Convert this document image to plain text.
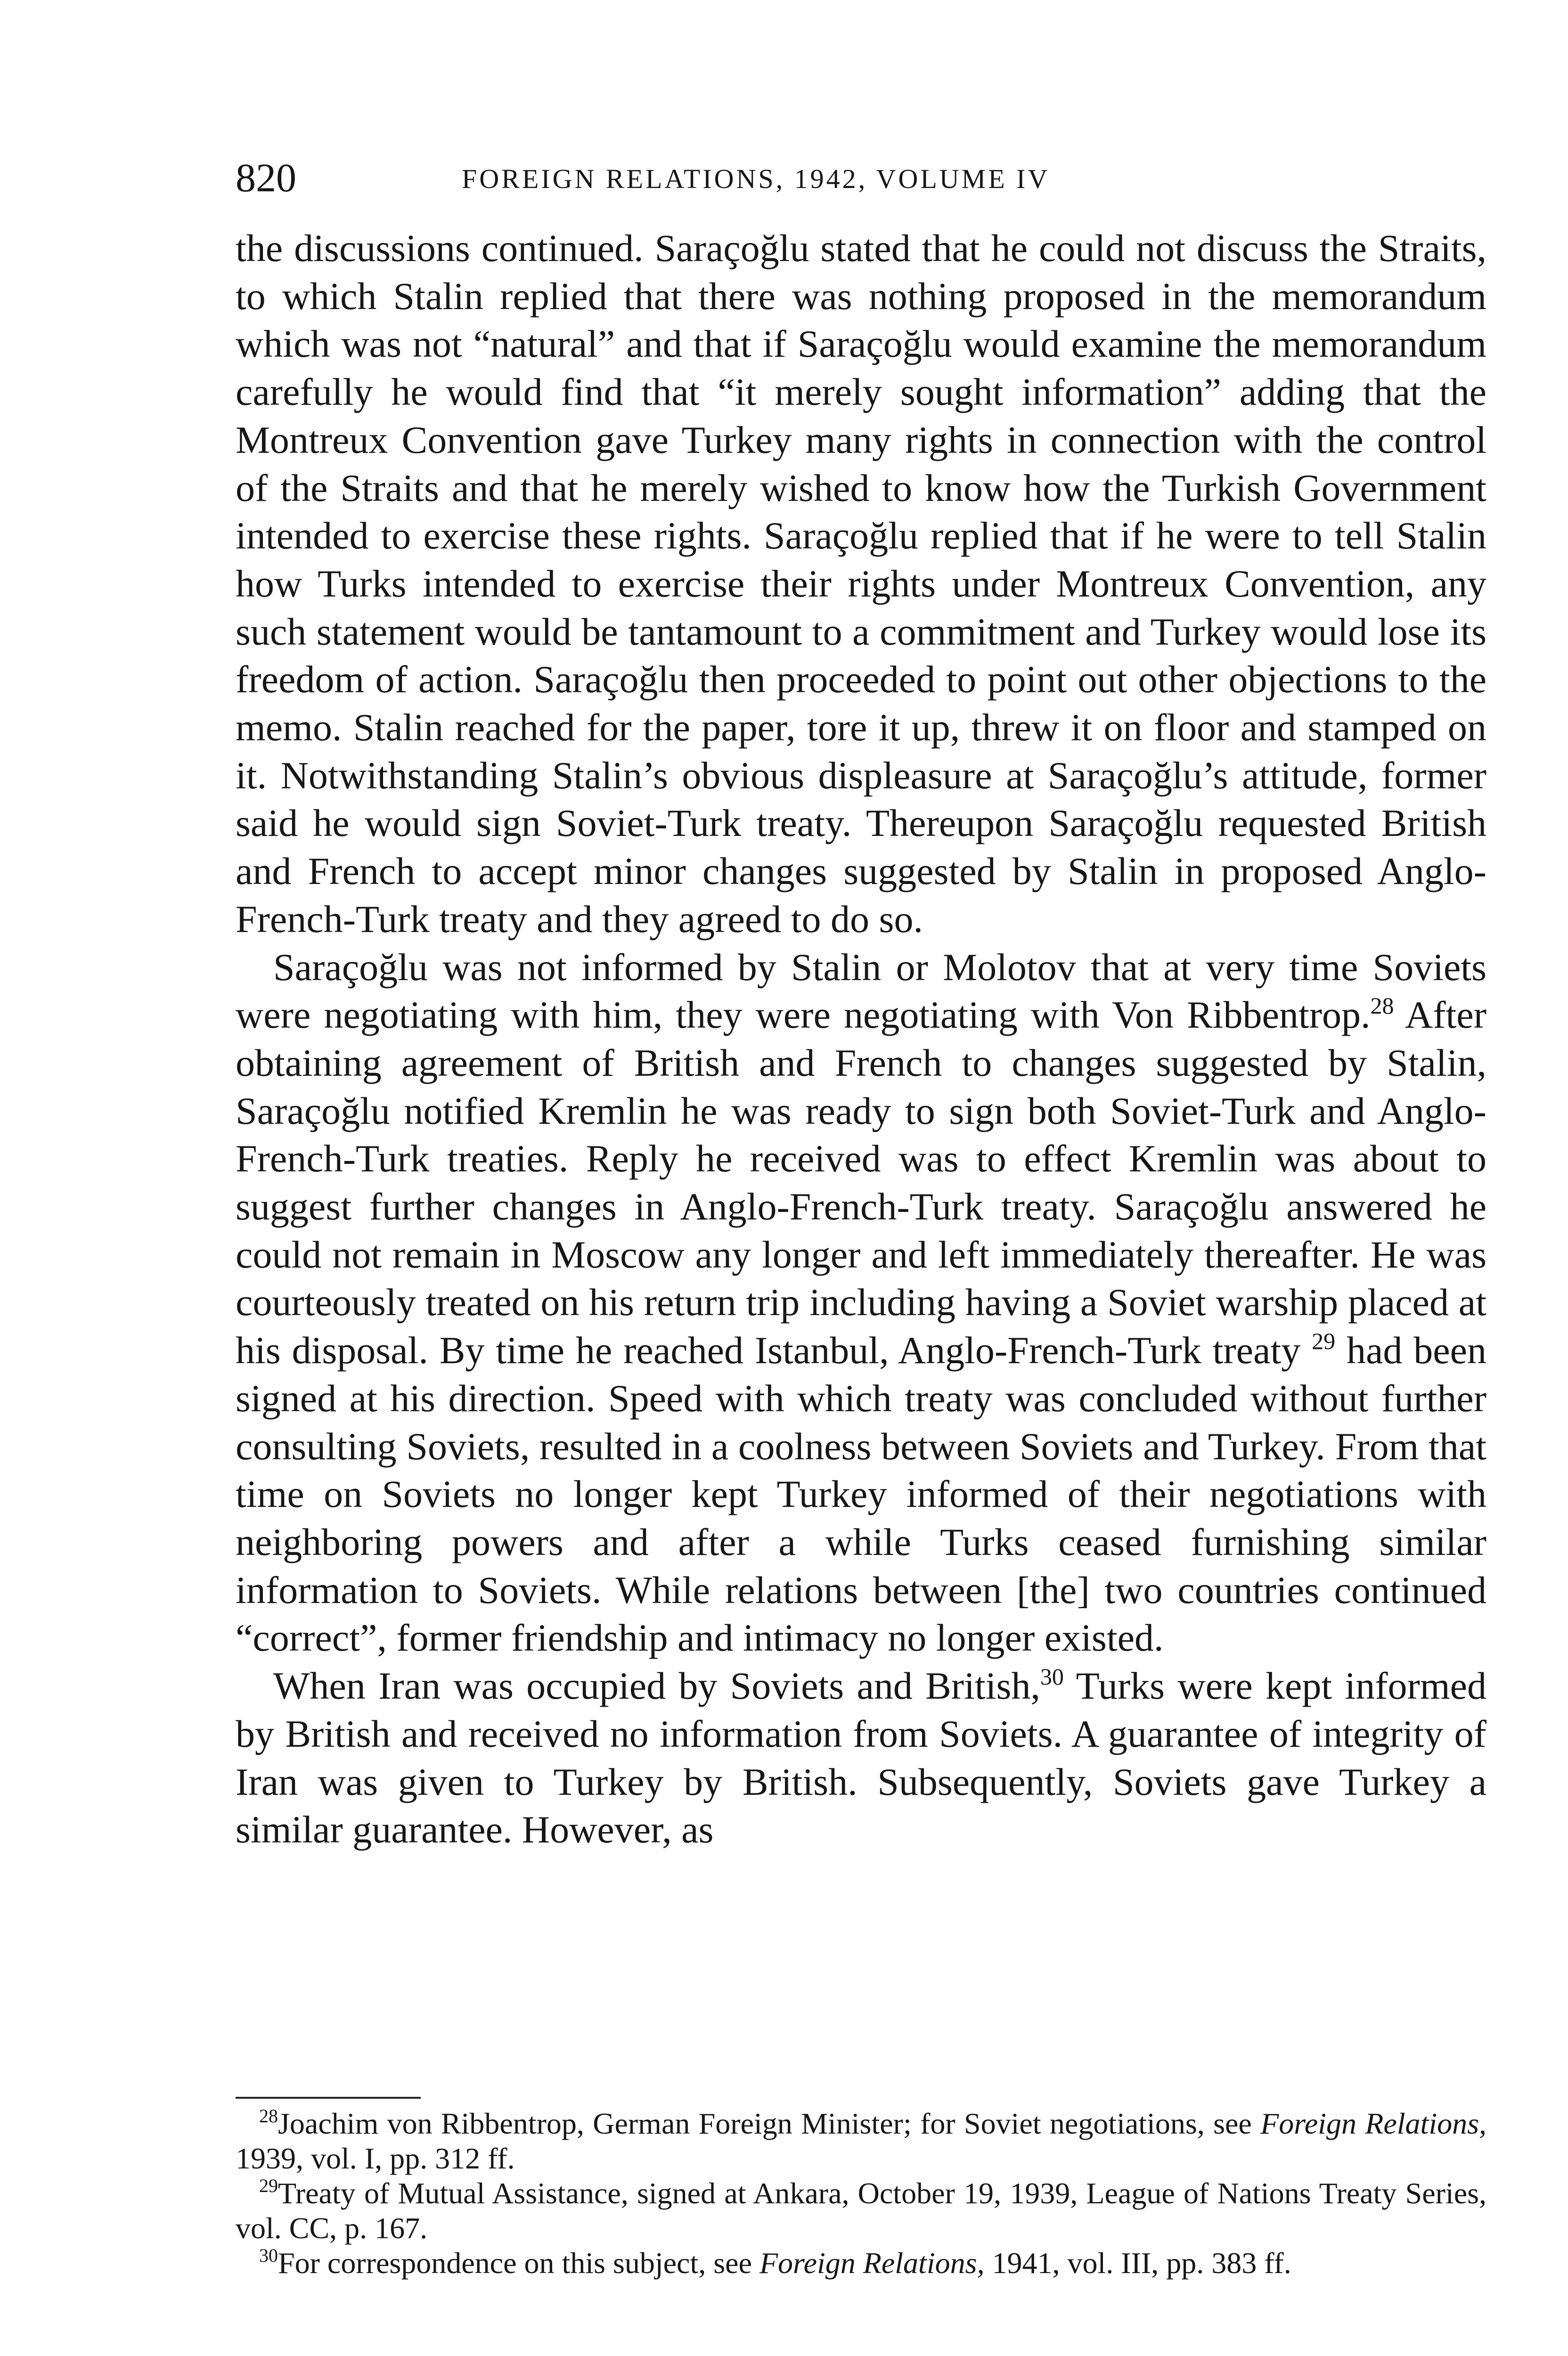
820	FOREIGN RELATIONS, 1942, VOLUME IV

the discussions continued. Saraçoğlu stated that he could not discuss the Straits, to which Stalin replied that there was nothing proposed in the memorandum which was not “natural” and that if Saraçoğlu would examine the memorandum carefully he would find that “it merely sought information” adding that the Montreux Convention gave Turkey many rights in connection with the control of the Straits and that he merely wished to know how the Turkish Government intended to exercise these rights. Saraçoğlu replied that if he were to tell Stalin how Turks intended to exercise their rights under Montreux Convention, any such statement would be tantamount to a commitment and Turkey would lose its freedom of action. Saraçoğlu then proceeded to point out other objections to the memo. Stalin reached for the paper, tore it up, threw it on floor and stamped on it. Notwithstanding Stalin’s obvious displeasure at Saraçoğlu’s attitude, former said he would sign Soviet-Turk treaty. Thereupon Saraçoğlu requested British and French to accept minor changes suggested by Stalin in proposed Anglo-French-Turk treaty and they agreed to do so.

Saraçoğlu was not informed by Stalin or Molotov that at very time Soviets were negotiating with him, they were negotiating with Von Ribbentrop.$^{28}$ After obtaining agreement of British and French to changes suggested by Stalin, Saraçoğlu notified Kremlin he was ready to sign both Soviet-Turk and Anglo-French-Turk treaties. Reply he received was to effect Kremlin was about to suggest further changes in Anglo-French-Turk treaty. Saraçoğlu answered he could not remain in Moscow any longer and left immediately thereafter. He was courteously treated on his return trip including having a Soviet warship placed at his disposal. By time he reached Istanbul, Anglo-French-Turk treaty $^{29}$ had been signed at his direction. Speed with which treaty was concluded without further consulting Soviets, resulted in a coolness between Soviets and Turkey. From that time on Soviets no longer kept Turkey informed of their negotiations with neighboring powers and after a while Turks ceased furnishing similar information to Soviets. While relations between [the] two countries continued “correct”, former friendship and intimacy no longer existed.

When Iran was occupied by Soviets and British,$^{30}$ Turks were kept informed by British and received no information from Soviets. A guarantee of integrity of Iran was given to Turkey by British. Subsequently, Soviets gave Turkey a similar guarantee. However, as

$^{28}$Joachim von Ribbentrop, German Foreign Minister; for Soviet negotiations, see Foreign Relations, 1939, vol. I, pp. 312 ff.

$^{29}$Treaty of Mutual Assistance, signed at Ankara, October 19, 1939, League of Nations Treaty Series, vol. CC, p. 167.

$^{30}$For correspondence on this subject, see Foreign Relations, 1941, vol. III, pp. 383 ff.
